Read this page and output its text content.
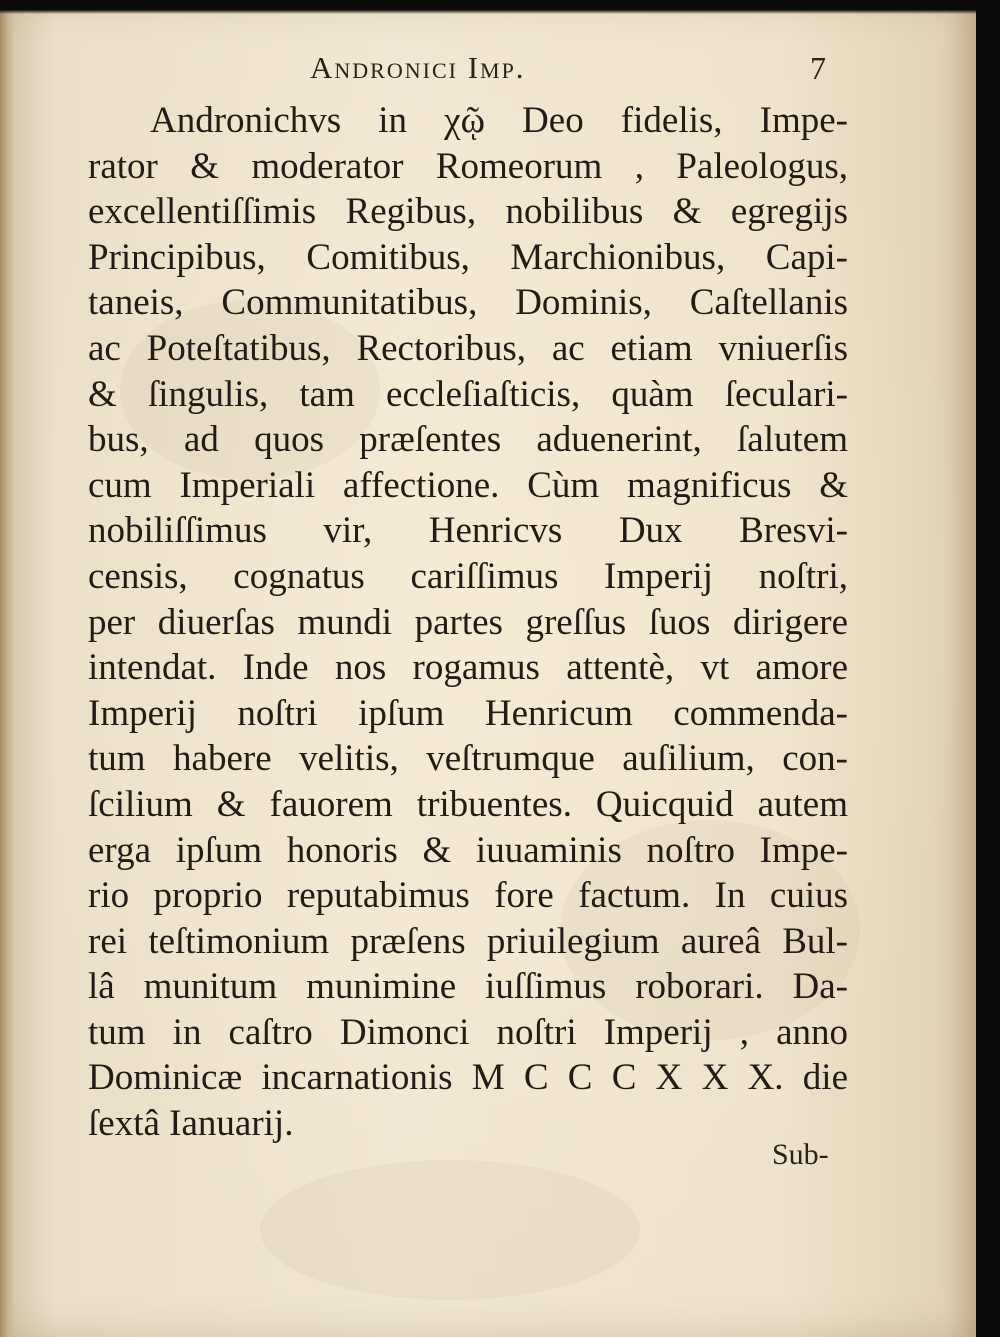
Andronici Imp.	7
Andronichvs in χῷ Deo fidelis, Impe-
rator & moderator Romeorum , Paleologus,
excellentiſſimis Regibus, nobilibus & egregijs
Principibus, Comitibus, Marchionibus, Capi-
taneis, Communitatibus, Dominis, Caſtellanis
ac Poteſtatibus, Rectoribus, ac etiam vniuerſis
& ſingulis, tam eccleſiaſticis, quàm ſeculari-
bus, ad quos præſentes aduenerint, ſalutem
cum Imperiali affectione. Cùm magnificus &
nobiliſſimus vir, Henricvs Dux Bresvi-
censis, cognatus cariſſimus Imperij noſtri,
per diuerſas mundi partes greſſus ſuos dirigere
intendat. Inde nos rogamus attentè, vt amore
Imperij noſtri ipſum Henricum commenda-
tum habere velitis, veſtrumque auſilium, con-
ſcilium & fauorem tribuentes. Quicquid autem
erga ipſum honoris & iuuaminis noſtro Impe-
rio proprio reputabimus fore factum. In cuius
rei teſtimonium præſens priuilegium aureâ Bul-
lâ munitum munimine iuſſimus roborari. Da-
tum in caſtro Dimonci noſtri Imperij , anno
Dominicæ incarnationis M C C C X X X. die
ſextâ Ianuarij.
Sub-
